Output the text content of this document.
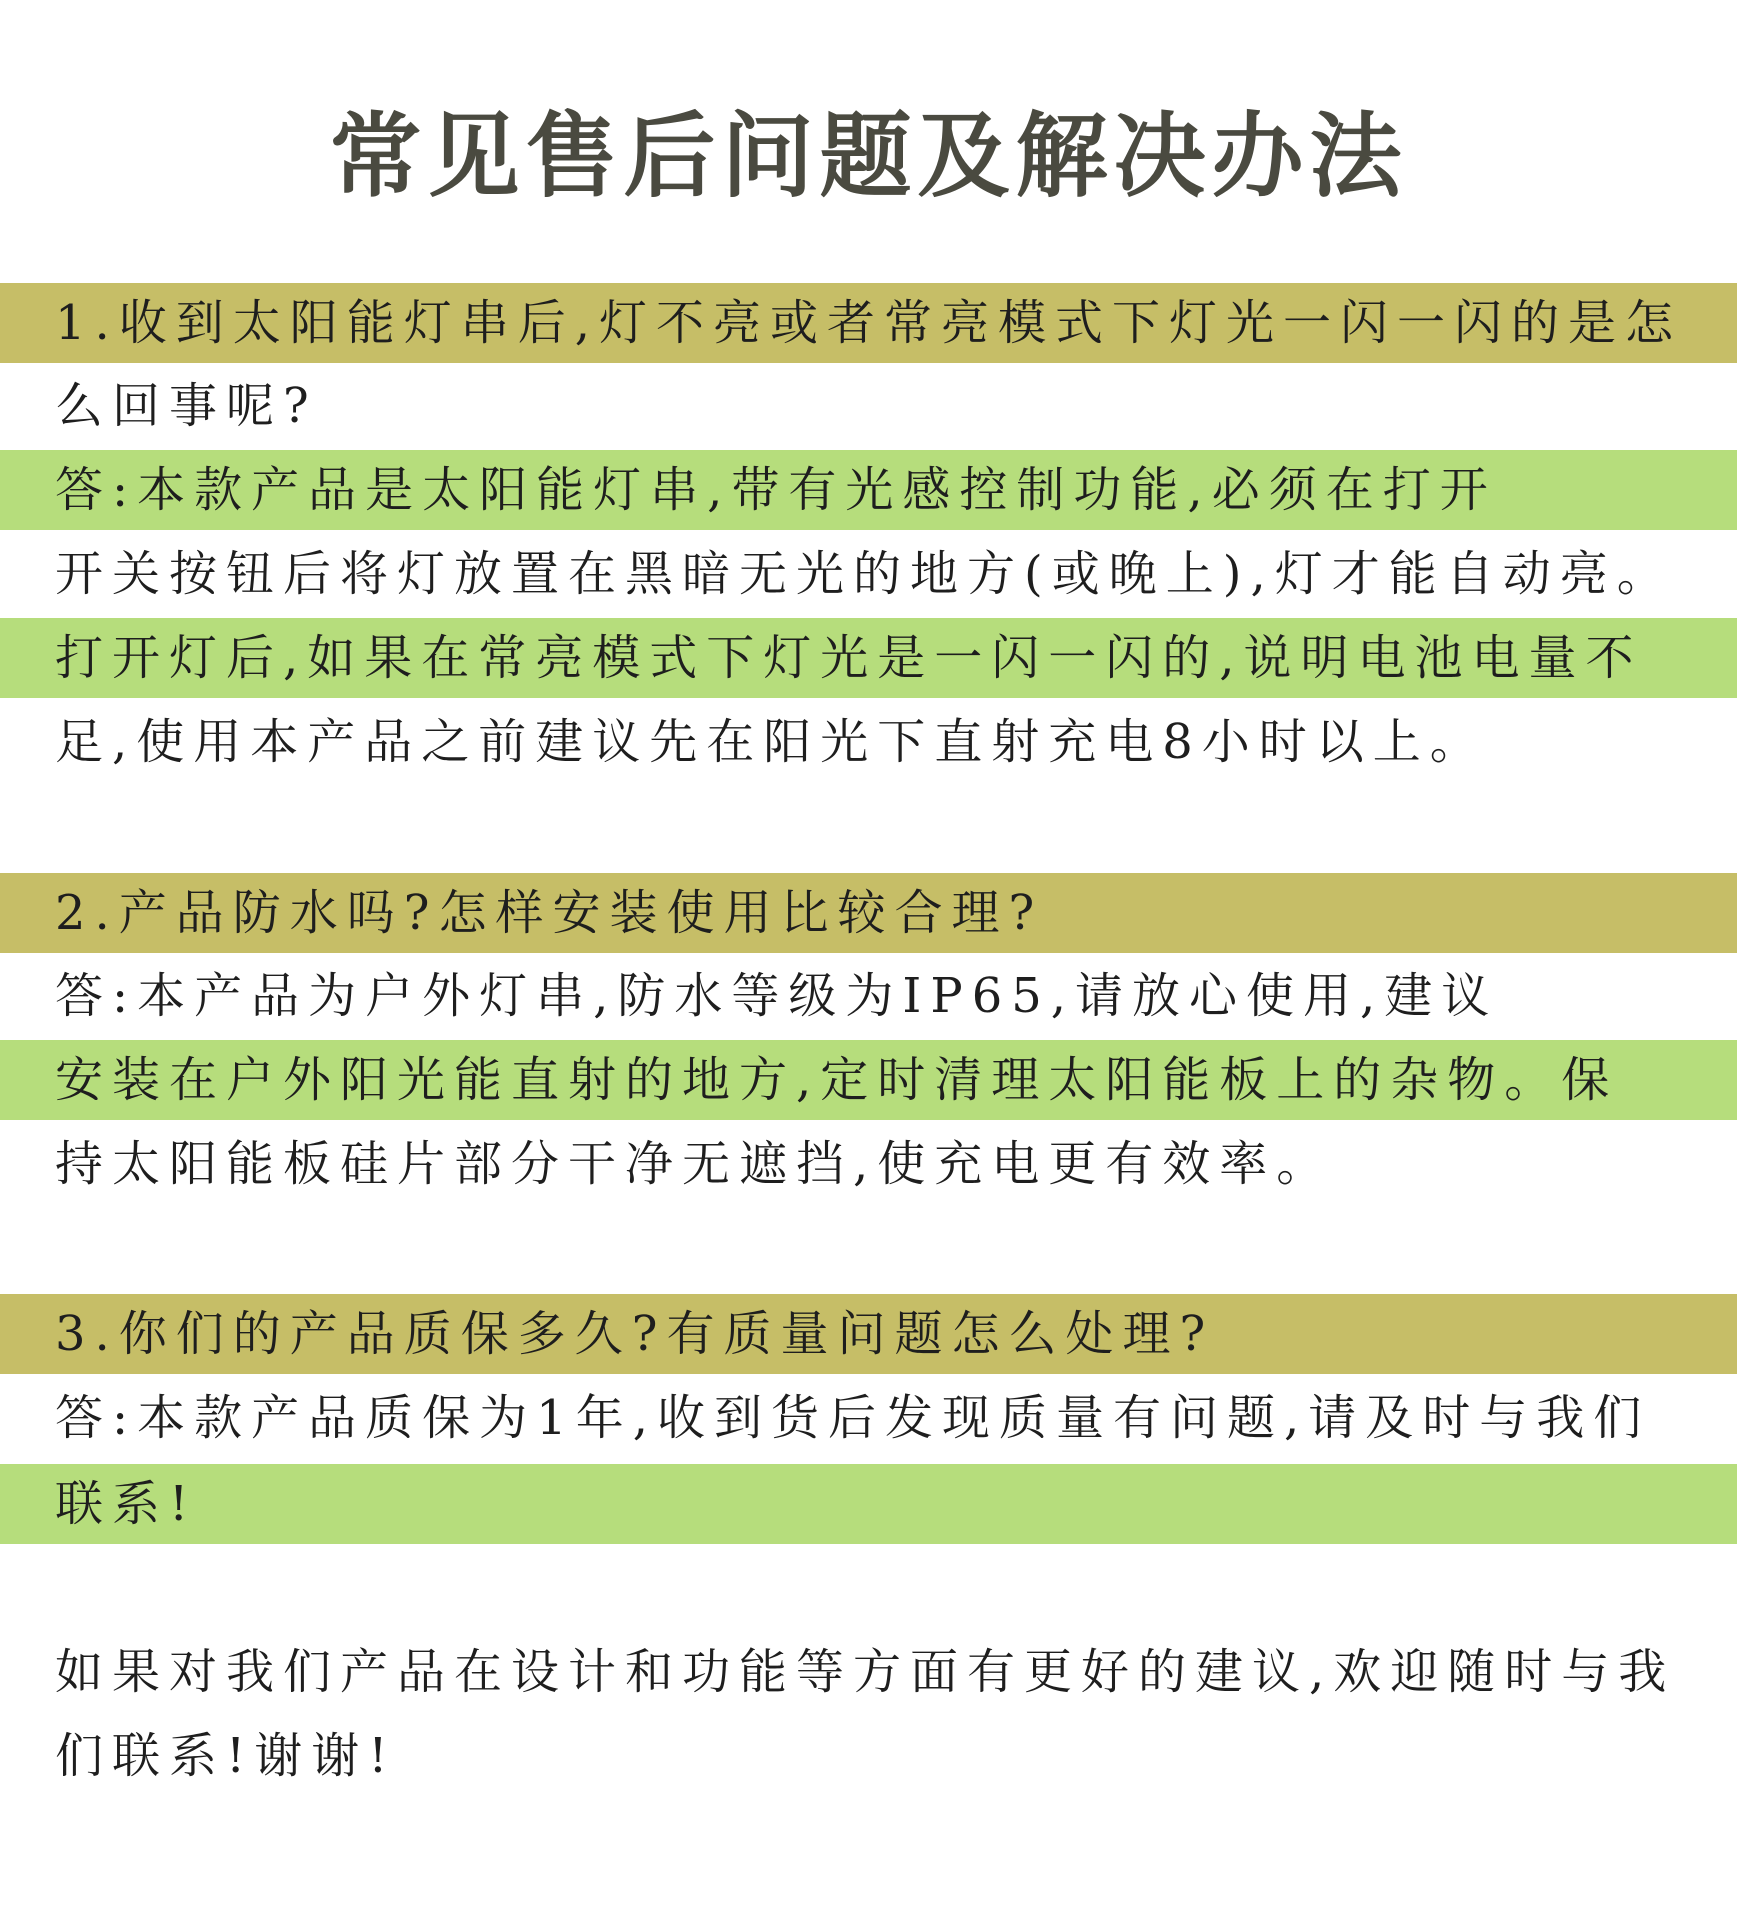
常见售后问题及解决办法
1.收到太阳能灯串后,灯不亮或者常亮模式下灯光一闪一闪的是怎
么回事呢?
答:本款产品是太阳能灯串,带有光感控制功能,必须在打开
开关按钮后将灯放置在黑暗无光的地方(或晚上),灯才能自动亮。
打开灯后,如果在常亮模式下灯光是一闪一闪的,说明电池电量不
足,使用本产品之前建议先在阳光下直射充电8小时以上。
2.产品防水吗?怎样安装使用比较合理?
答:本产品为户外灯串,防水等级为IP65,请放心使用,建议
安装在户外阳光能直射的地方,定时清理太阳能板上的杂物。保
持太阳能板硅片部分干净无遮挡,使充电更有效率。
3.你们的产品质保多久?有质量问题怎么处理?
答:本款产品质保为1年,收到货后发现质量有问题,请及时与我们
联系!
如果对我们产品在设计和功能等方面有更好的建议,欢迎随时与我
们联系!谢谢!
